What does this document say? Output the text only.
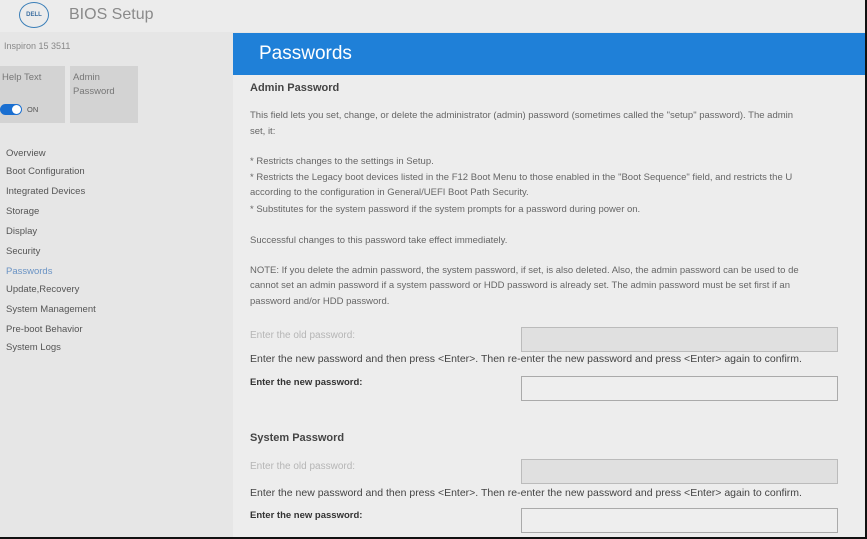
DELL	BIOS Setup
Inspiron 15 3511
Help Text
ON
Admin Password
Overview
Boot Configuration
Integrated Devices
Storage
Display
Security
Passwords
Update,Recovery
System Management
Pre-boot Behavior
System Logs
Passwords
Admin Password
This field lets you set, change, or delete the administrator (admin) password (sometimes called the "setup" password). The admin
set, it:
* Restricts changes to the settings in Setup.
* Restricts the Legacy boot devices listed in the F12 Boot Menu to those enabled in the "Boot Sequence" field, and restricts the U
according to the configuration in General/UEFI Boot Path Security.
* Substitutes for the system password if the system prompts for a password during power on.
Successful changes to this password take effect immediately.
NOTE: If you delete the admin password, the system password, if set, is also deleted. Also, the admin password can be used to de
cannot set an admin password if a system password or HDD password is already set. The admin password must be set first if an
password and/or HDD password.
Enter the old password:
Enter the new password and then press <Enter>. Then re-enter the new password and press <Enter> again to confirm.
Enter the new password:
System Password
Enter the old password:
Enter the new password and then press <Enter>. Then re-enter the new password and press <Enter> again to confirm.
Enter the new password:
